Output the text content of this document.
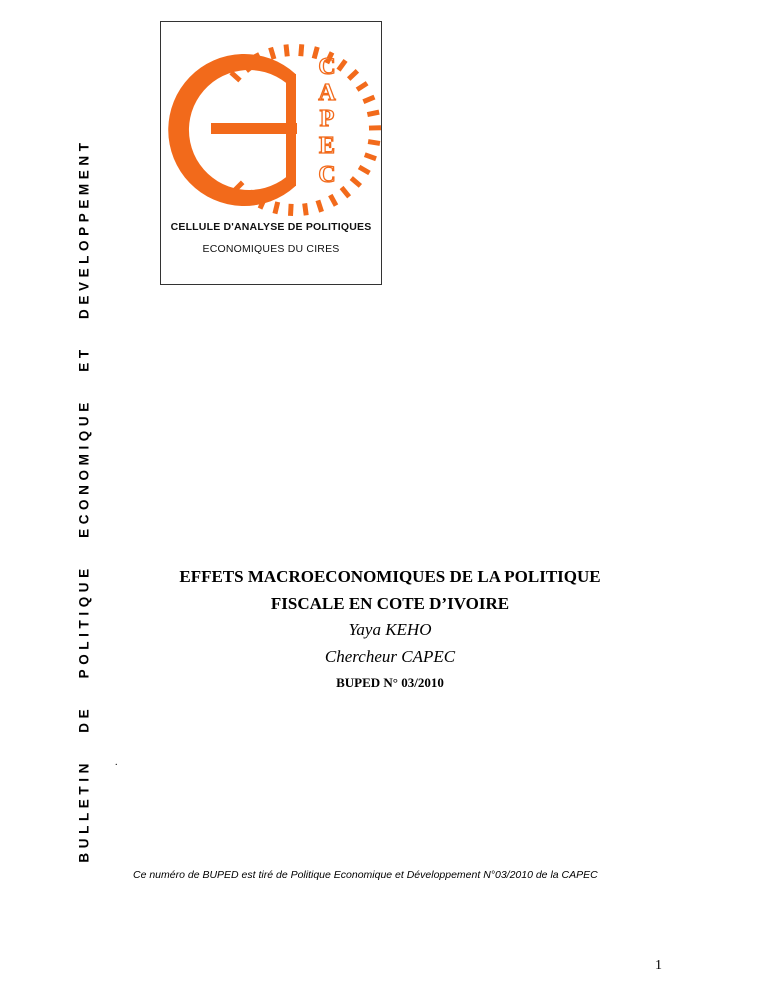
BULLETIN DE POLITIQUE ECONOMIQUE ET DEVELOPPEMENT
C
A
P
E
C
CELLULE D'ANALYSE DE POLITIQUES
ECONOMIQUES DU CIRES
EFFETS MACROECONOMIQUES DE LA POLITIQUE
FISCALE EN COTE D’IVOIRE
Yaya KEHO
Chercheur CAPEC
BUPED N° 03/2010
.
Ce numéro de BUPED est tiré de Politique Economique et Développement N°03/2010 de la CAPEC
1
